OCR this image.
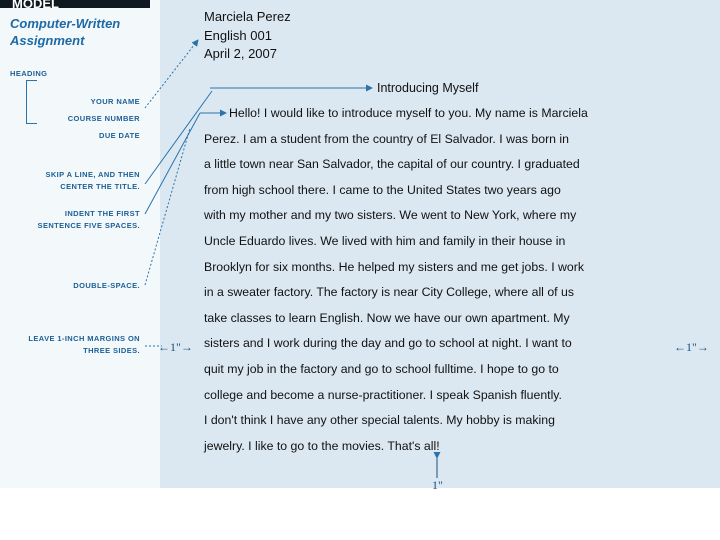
MODEL
Computer-Written
Assignment
HEADING
YOUR NAME
COURSE NUMBER
DUE DATE
SKIP A LINE, AND THEN
CENTER THE TITLE.
INDENT THE FIRST
SENTENCE FIVE SPACES.
DOUBLE-SPACE.
LEAVE 1-INCH MARGINS ON
THREE SIDES.
Marciela Perez
English 001
April 2, 2007
Introducing Myself
Hello! I would like to introduce myself to you. My name is Marciela
Perez. I am a student from the country of El Salvador. I was born in
a little town near San Salvador, the capital of our country. I graduated
from high school there. I came to the United States two years ago
with my mother and my two sisters. We went to New York, where my
Uncle Eduardo lives. We lived with him and family in their house in
Brooklyn for six months. He helped my sisters and me get jobs. I work
in a sweater factory. The factory is near City College, where all of us
take classes to learn English. Now we have our own apartment. My
sisters and I work during the day and go to school at night. I want to
quit my job in the factory and go to school fulltime. I hope to go to
college and become a nurse-practitioner. I speak Spanish fluently.
I don't think I have any other special talents. My hobby is making
jewelry. I like to go to the movies. That's all!
←1"→	←1"→
1"
